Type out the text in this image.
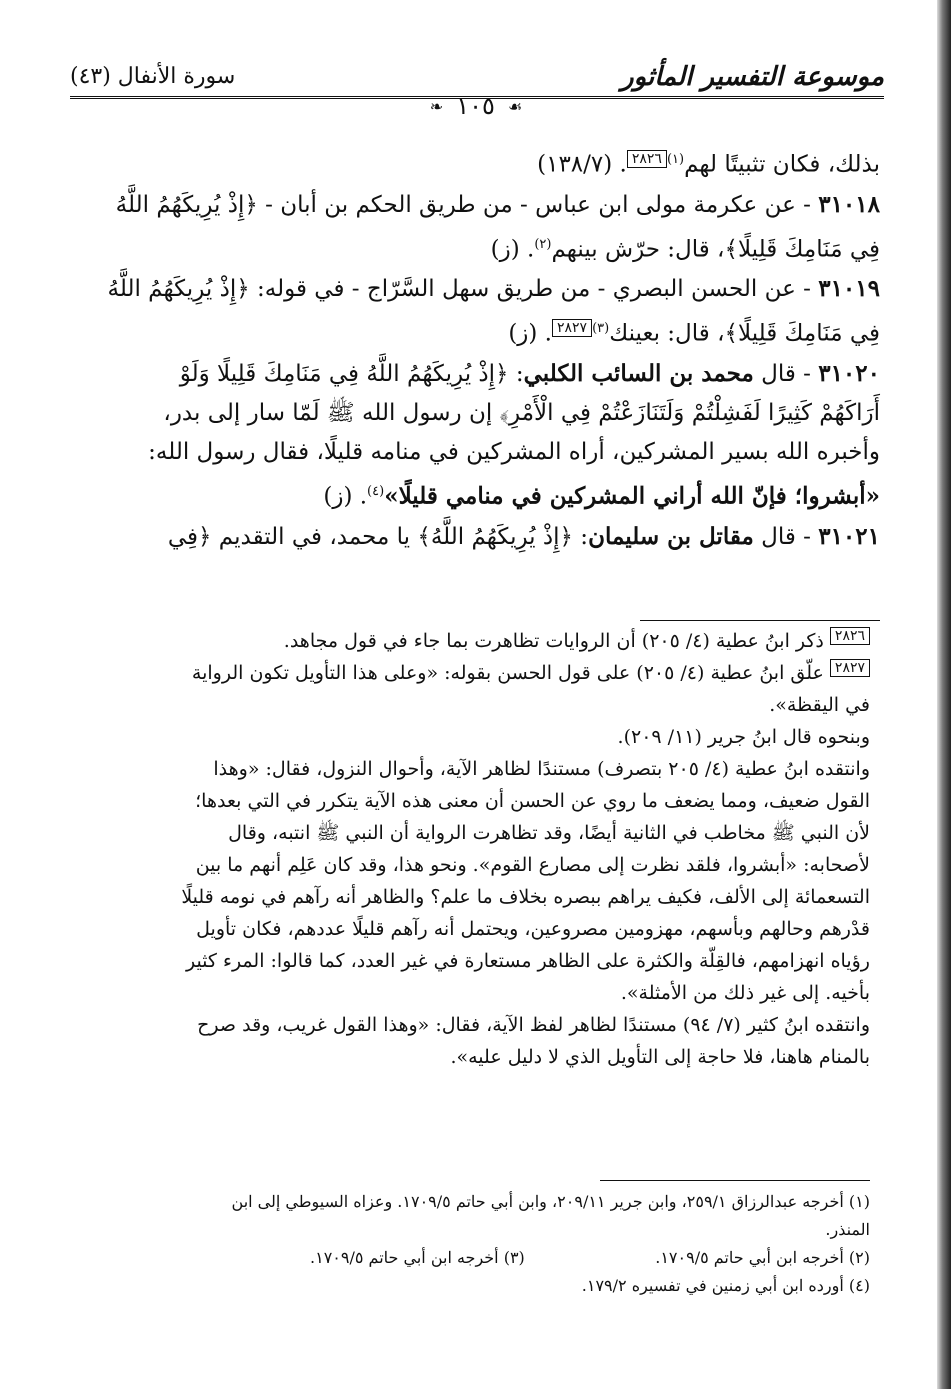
موسوعة التفسير المأثور
سورة الأنفال (٤٣)
❧ ١٠٥ ☙
بذلك، فكان تثبيتًا لهم$^{(١)}$٢٨٢٦. (١٣٨/٧)
٣١٠١٨ - عن عكرمة مولى ابن عباس - من طريق الحكم بن أبان - ﴿إِذْ يُرِيكَهُمُ اللَّهُ
فِي مَنَامِكَ قَلِيلًا﴾، قال: حرّش بينهم$^{(٢)}$. (ز)
٣١٠١٩ - عن الحسن البصري - من طريق سهل السَّرّاج - في قوله: ﴿إِذْ يُرِيكَهُمُ اللَّهُ
فِي مَنَامِكَ قَلِيلًا﴾، قال: بعينك$^{(٣)}$٢٨٢٧. (ز)
٣١٠٢٠ - قال محمد بن السائب الكلبي: ﴿إِذْ يُرِيكَهُمُ اللَّهُ فِي مَنَامِكَ قَلِيلًا وَلَوْ
أَرَاكَهُمْ كَثِيرًا لَفَشِلْتُمْ وَلَتَنَازَعْتُمْ فِي الْأَمْرِ﴾ إن رسول الله ﷺ لَمّا سار إلى بدر،
وأخبره الله بسير المشركين، أراه المشركين في منامه قليلًا، فقال رسول الله:
«أبشروا؛ فإنّ الله أراني المشركين في منامي قليلًا»$^{(٤)}$. (ز)
٣١٠٢١ - قال مقاتل بن سليمان: ﴿إِذْ يُرِيكَهُمُ اللَّهُ﴾ يا محمد، في التقديم ﴿فِي
٢٨٢٦ ذكر ابنُ عطية (٤/ ٢٠٥) أن الروايات تظاهرت بما جاء في قول مجاهد.
٢٨٢٧ علّق ابنُ عطية (٤/ ٢٠٥) على قول الحسن بقوله: «وعلى هذا التأويل تكون الرواية
في اليقظة».
وبنحوه قال ابنُ جرير (١١/ ٢٠٩).
وانتقده ابنُ عطية (٤/ ٢٠٥ بتصرف) مستندًا لظاهر الآية، وأحوال النزول، فقال: «وهذا
القول ضعيف، ومما يضعف ما روي عن الحسن أن معنى هذه الآية يتكرر في التي بعدها؛
لأن النبي ﷺ مخاطب في الثانية أيضًا، وقد تظاهرت الرواية أن النبي ﷺ انتبه، وقال
لأصحابه: «أبشروا، فلقد نظرت إلى مصارع القوم». ونحو هذا، وقد كان عَلِم أنهم ما بين
التسعمائة إلى الألف، فكيف يراهم ببصره بخلاف ما علم؟ والظاهر أنه رآهم في نومه قليلًا
قدْرهم وحالهم وبأسهم، مهزومين مصروعين، ويحتمل أنه رآهم قليلًا عددهم، فكان تأويل
رؤياه انهزامهم، فالقِلّة والكثرة على الظاهر مستعارة في غير العدد، كما قالوا: المرء كثير
بأخيه. إلى غير ذلك من الأمثلة».
وانتقده ابنُ كثير (٧/ ٩٤) مستندًا لظاهر لفظ الآية، فقال: «وهذا القول غريب، وقد صرح
بالمنام هاهنا، فلا حاجة إلى التأويل الذي لا دليل عليه».
(١) أخرجه عبدالرزاق ٢٥٩/١، وابن جرير ٢٠٩/١١، وابن أبي حاتم ١٧٠٩/٥. وعزاه السيوطي إلى ابن
المنذر.
(٢) أخرجه ابن أبي حاتم ١٧٠٩/٥.
(٣) أخرجه ابن أبي حاتم ١٧٠٩/٥.
(٤) أورده ابن أبي زمنين في تفسيره ١٧٩/٢.
